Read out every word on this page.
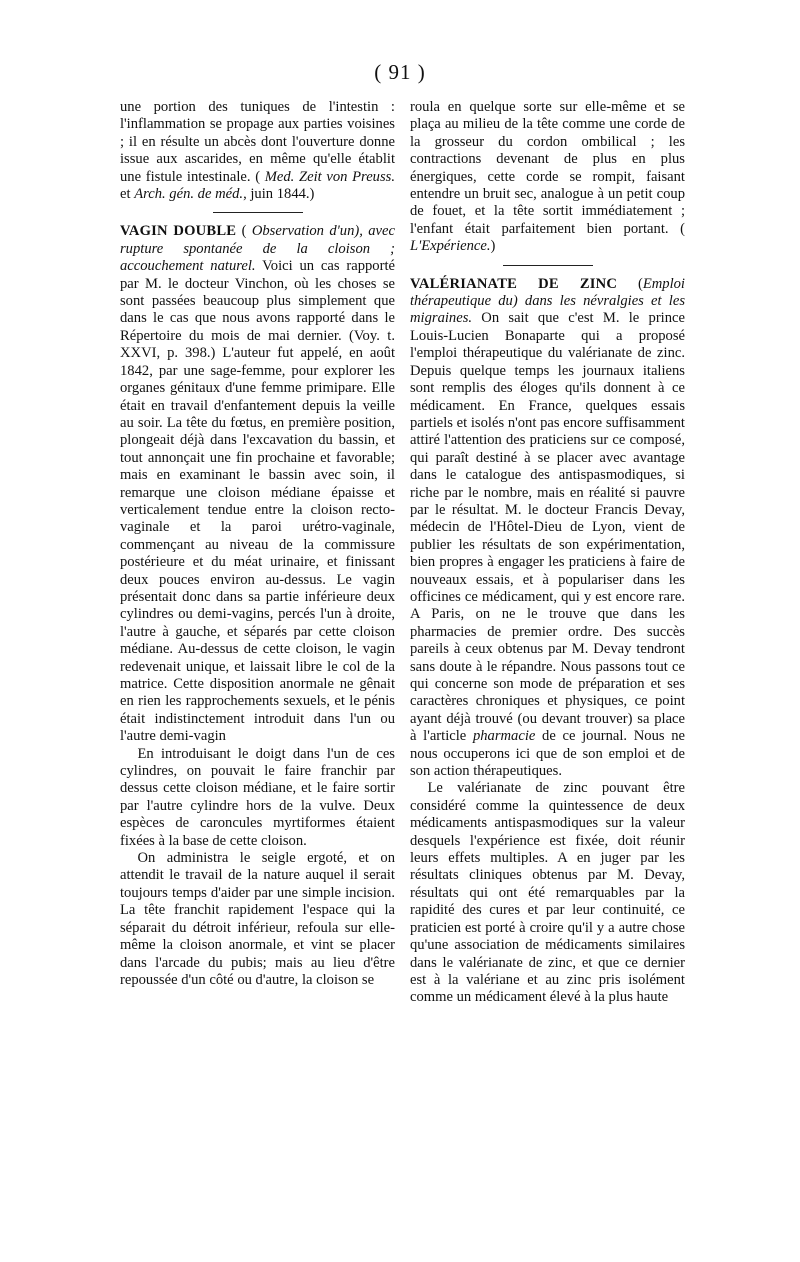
( 91 )

une portion des tuniques de l'intestin : l'inflammation se propage aux parties voisines ; il en résulte un abcès dont l'ouverture donne issue aux ascarides, en même qu'elle établit une fistule intestinale. ( Med. Zeit von Preuss. et Arch. gén. de méd., juin 1844.)

VAGIN DOUBLE ( Observation d'un), avec rupture spontanée de la cloison ; accouchement naturel. Voici un cas rapporté par M. le docteur Vinchon, où les choses se sont passées beaucoup plus simplement que dans le cas que nous avons rapporté dans le Répertoire du mois de mai dernier. (Voy. t. XXVI, p. 398.) L'auteur fut appelé, en août 1842, par une sage-femme, pour explorer les organes génitaux d'une femme primipare. Elle était en travail d'enfantement depuis la veille au soir. La tête du fœtus, en première position, plongeait déjà dans l'excavation du bassin, et tout annonçait une fin prochaine et favorable; mais en examinant le bassin avec soin, il remarque une cloison médiane épaisse et verticalement tendue entre la cloison recto-vaginale et la paroi urétro-vaginale, commençant au niveau de la commissure postérieure et du méat urinaire, et finissant deux pouces environ au-dessus. Le vagin présentait donc dans sa partie inférieure deux cylindres ou demi-vagins, percés l'un à droite, l'autre à gauche, et séparés par cette cloison médiane. Au-dessus de cette cloison, le vagin redevenait unique, et laissait libre le col de la matrice. Cette disposition anormale ne gênait en rien les rapprochements sexuels, et le pénis était indistinctement introduit dans l'un ou l'autre demi-vagin

En introduisant le doigt dans l'un de ces cylindres, on pouvait le faire franchir par dessus cette cloison médiane, et le faire sortir par l'autre cylindre hors de la vulve. Deux espèces de caroncules myrtiformes étaient fixées à la base de cette cloison.

On administra le seigle ergoté, et on attendit le travail de la nature auquel il serait toujours temps d'aider par une simple incision. La tête franchit rapidement l'espace qui la séparait du détroit inférieur, refoula sur elle-même la cloison anormale, et vint se placer dans l'arcade du pubis; mais au lieu d'être repoussée d'un côté ou d'autre, la cloison se

roula en quelque sorte sur elle-même et se plaça au milieu de la tête comme une corde de la grosseur du cordon ombilical ; les contractions devenant de plus en plus énergiques, cette corde se rompit, faisant entendre un bruit sec, analogue à un petit coup de fouet, et la tête sortit immédiatement ; l'enfant était parfaitement bien portant. ( L'Expérience.)

VALÉRIANATE DE ZINC (Emploi thérapeutique du) dans les névralgies et les migraines. On sait que c'est M. le prince Louis-Lucien Bonaparte qui a proposé l'emploi thérapeutique du valérianate de zinc. Depuis quelque temps les journaux italiens sont remplis des éloges qu'ils donnent à ce médicament. En France, quelques essais partiels et isolés n'ont pas encore suffisamment attiré l'attention des praticiens sur ce composé, qui paraît destiné à se placer avec avantage dans le catalogue des antispasmodiques, si riche par le nombre, mais en réalité si pauvre par le résultat. M. le docteur Francis Devay, médecin de l'Hôtel-Dieu de Lyon, vient de publier les résultats de son expérimentation, bien propres à engager les praticiens à faire de nouveaux essais, et à populariser dans les officines ce médicament, qui y est encore rare. A Paris, on ne le trouve que dans les pharmacies de premier ordre. Des succès pareils à ceux obtenus par M. Devay tendront sans doute à le répandre. Nous passons tout ce qui concerne son mode de préparation et ses caractères chroniques et physiques, ce point ayant déjà trouvé (ou devant trouver) sa place à l'article pharmacie de ce journal. Nous ne nous occuperons ici que de son emploi et de son action thérapeutiques.

Le valérianate de zinc pouvant être considéré comme la quintessence de deux médicaments antispasmodiques sur la valeur desquels l'expérience est fixée, doit réunir leurs effets multiples. A en juger par les résultats cliniques obtenus par M. Devay, résultats qui ont été remarquables par la rapidité des cures et par leur continuité, ce praticien est porté à croire qu'il y a autre chose qu'une association de médicaments similaires dans le valérianate de zinc, et que ce dernier est à la valériane et au zinc pris isolément comme un médicament élevé à la plus haute
